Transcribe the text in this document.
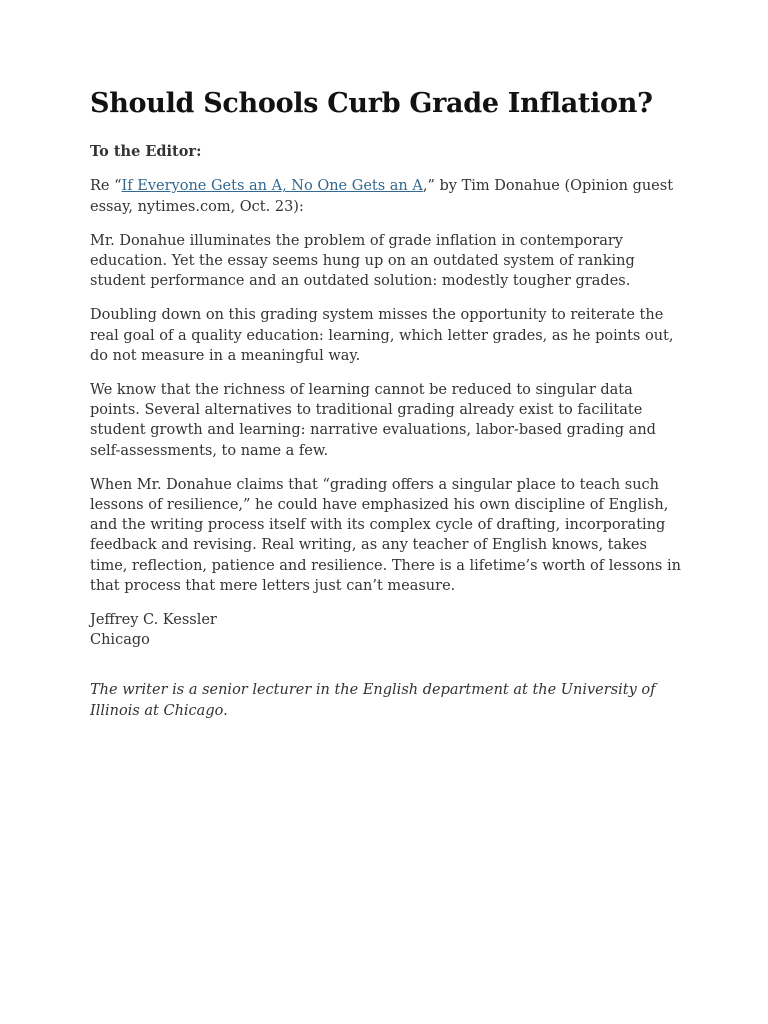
Should Schools Curb Grade Inflation?

To the Editor:

Re “If Everyone Gets an A, No One Gets an A,” by Tim Donahue (Opinion guest essay, nytimes.com, Oct. 23):

Mr. Donahue illuminates the problem of grade inflation in contemporary education. Yet the essay seems hung up on an outdated system of ranking student performance and an outdated solution: modestly tougher grades.

Doubling down on this grading system misses the opportunity to reiterate the real goal of a quality education: learning, which letter grades, as he points out, do not measure in a meaningful way.

We know that the richness of learning cannot be reduced to singular data points. Several alternatives to traditional grading already exist to facilitate student growth and learning: narrative evaluations, labor-based grading and self-assessments, to name a few.

When Mr. Donahue claims that “grading offers a singular place to teach such lessons of resilience,” he could have emphasized his own discipline of English, and the writing process itself with its complex cycle of drafting, incorporating feedback and revising. Real writing, as any teacher of English knows, takes time, reflection, patience and resilience. There is a lifetime’s worth of lessons in that process that mere letters just can’t measure.

Jeffrey C. Kessler
Chicago

The writer is a senior lecturer in the English department at the University of Illinois at Chicago.
